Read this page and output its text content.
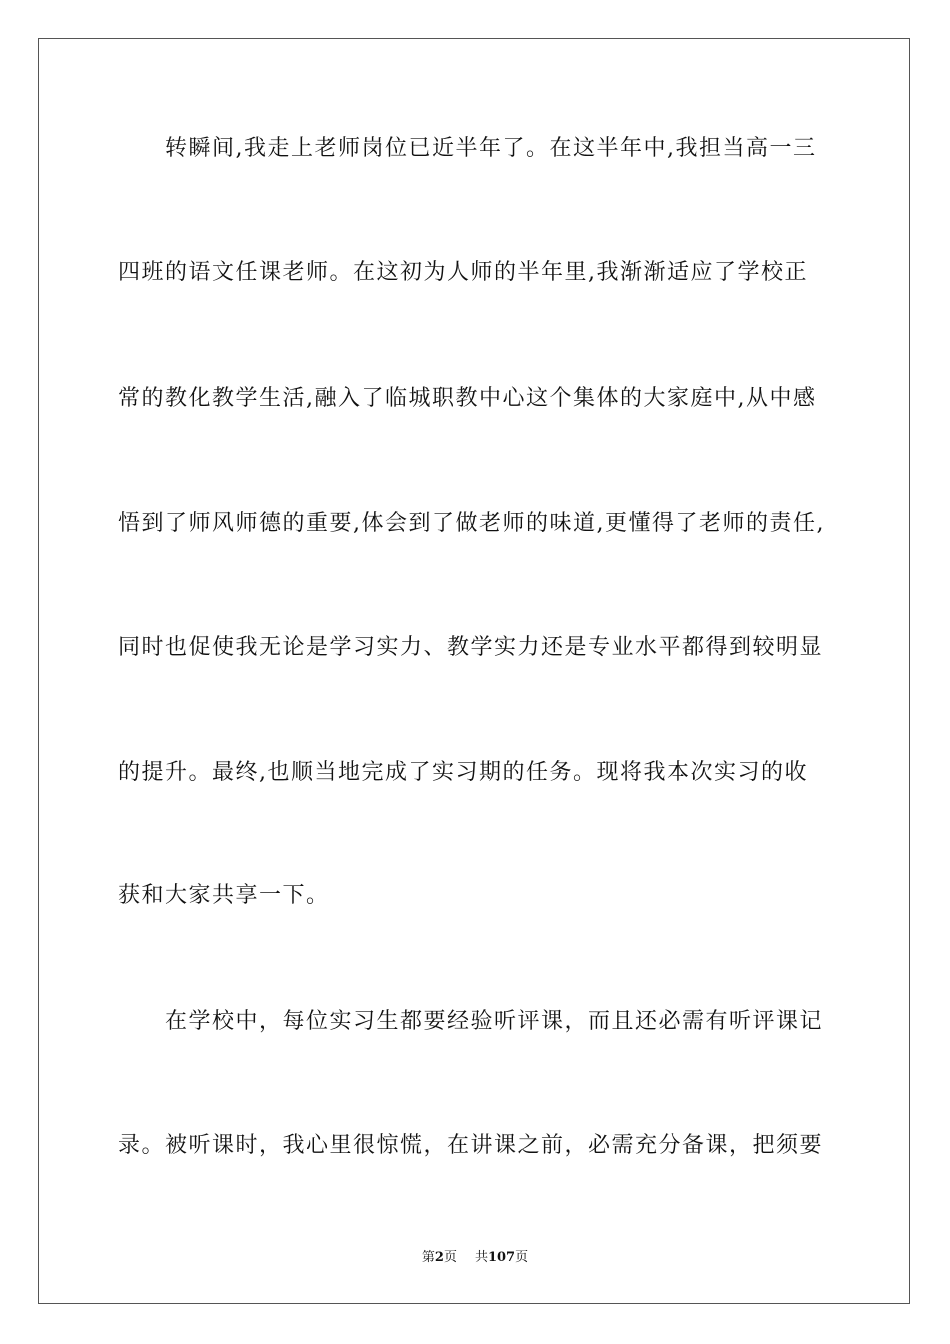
转瞬间,我走上老师岗位已近半年了。在这半年中,我担当高一三
四班的语文任课老师。在这初为人师的半年里,我渐渐适应了学校正
常的教化教学生活,融入了临城职教中心这个集体的大家庭中,从中感
悟到了师风师德的重要,体会到了做老师的味道,更懂得了老师的责任,
同时也促使我无论是学习实力、教学实力还是专业水平都得到较明显
的提升。最终,也顺当地完成了实习期的任务。现将我本次实习的收
获和大家共享一下。
在学校中，每位实习生都要经验听评课，而且还必需有听评课记
录。被听课时，我心里很惊慌，在讲课之前，必需充分备课，把须要
第2页 共107页
